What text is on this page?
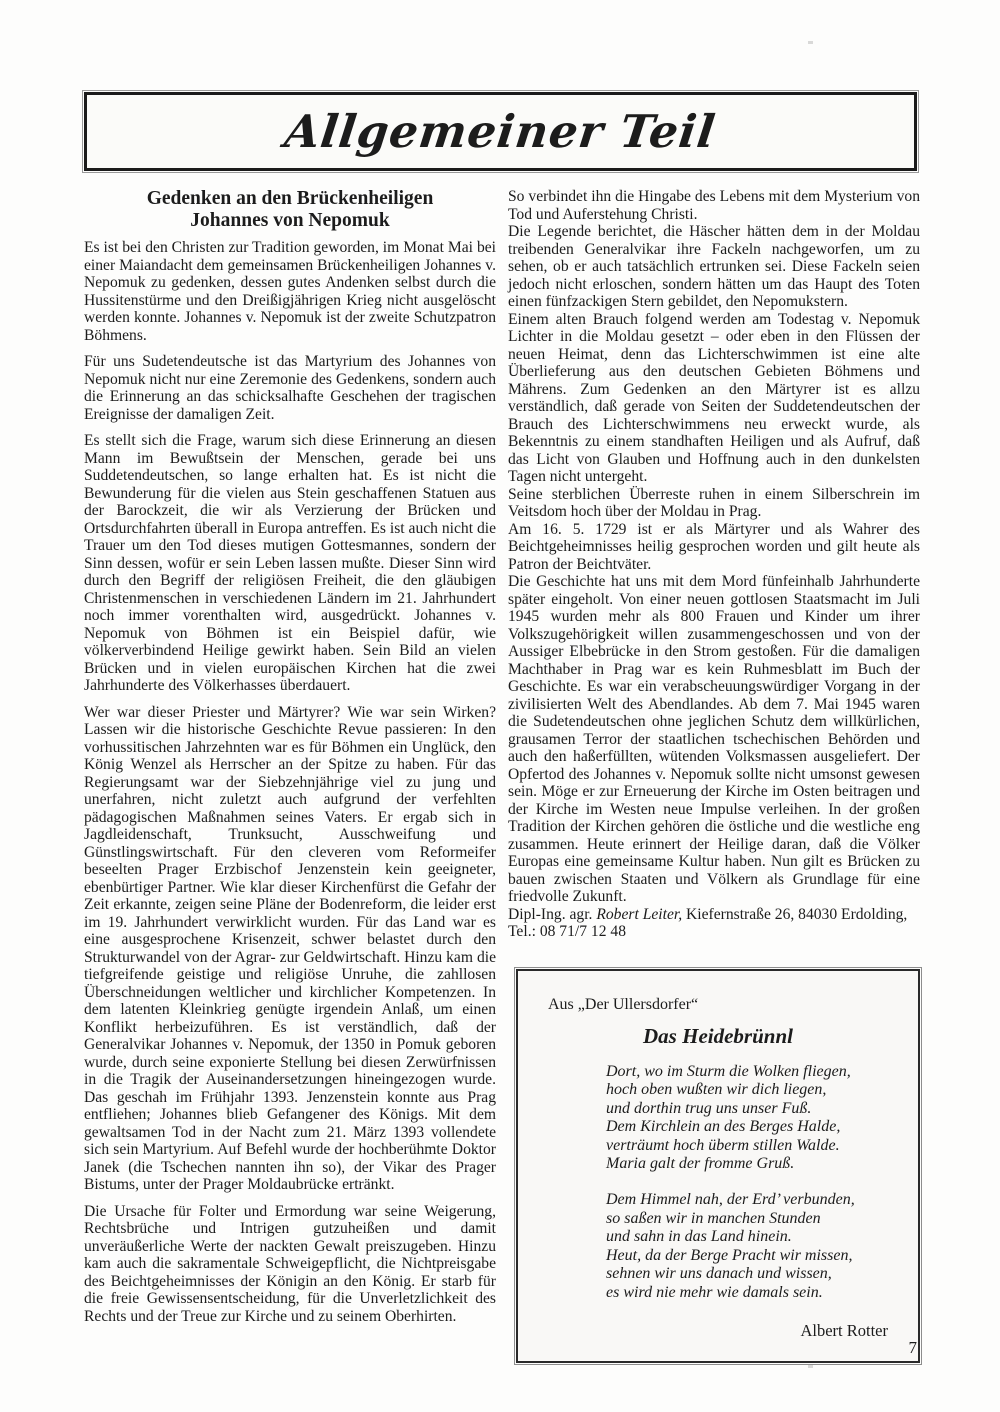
Allgemeiner Teil
Gedenken an den Brückenheiligen
Johannes von Nepomuk

Es ist bei den Christen zur Tradition geworden, im Monat Mai bei einer Maiandacht dem gemeinsamen Brückenheiligen Johannes v. Nepomuk zu gedenken, dessen gutes Andenken selbst durch die Hussitenstürme und den Dreißigjährigen Krieg nicht ausgelöscht werden konnte. Johannes v. Nepomuk ist der zweite Schutzpatron Böhmens.

Für uns Sudetendeutsche ist das Martyrium des Johannes von Nepomuk nicht nur eine Zeremonie des Gedenkens, sondern auch die Erinnerung an das schicksalhafte Geschehen der tragischen Ereignisse der damaligen Zeit.

Es stellt sich die Frage, warum sich diese Erinnerung an diesen Mann im Bewußtsein der Menschen, gerade bei uns Suddetendeutschen, so lange erhalten hat. Es ist nicht die Bewunderung für die vielen aus Stein geschaffenen Statuen aus der Barockzeit, die wir als Verzierung der Brücken und Ortsdurchfahrten überall in Europa antreffen. Es ist auch nicht die Trauer um den Tod dieses mutigen Gottesmannes, sondern der Sinn dessen, wofür er sein Leben lassen mußte. Dieser Sinn wird durch den Begriff der religiösen Freiheit, die den gläubigen Christenmenschen in verschiedenen Ländern im 21. Jahrhundert noch immer vorenthalten wird, ausgedrückt. Johannes v. Nepomuk von Böhmen ist ein Beispiel dafür, wie völkerverbindend Heilige gewirkt haben. Sein Bild an vielen Brücken und in vielen europäischen Kirchen hat die zwei Jahrhunderte des Völkerhasses überdauert.

Wer war dieser Priester und Märtyrer? Wie war sein Wirken? Lassen wir die historische Geschichte Revue passieren: In den vorhussitischen Jahrzehnten war es für Böhmen ein Unglück, den König Wenzel als Herrscher an der Spitze zu haben. Für das Regierungsamt war der Siebzehnjährige viel zu jung und unerfahren, nicht zuletzt auch aufgrund der verfehlten pädagogischen Maßnahmen seines Vaters. Er ergab sich in Jagdleidenschaft, Trunksucht, Ausschweifung und Günstlingswirtschaft. Für den cleveren vom Reformeifer beseelten Prager Erzbischof Jenzenstein kein geeigneter, ebenbürtiger Partner. Wie klar dieser Kirchenfürst die Gefahr der Zeit erkannte, zeigen seine Pläne der Bodenreform, die leider erst im 19. Jahrhundert verwirklicht wurden. Für das Land war es eine ausgesprochene Krisenzeit, schwer belastet durch den Strukturwandel von der Agrar- zur Geldwirtschaft. Hinzu kam die tiefgreifende geistige und religiöse Unruhe, die zahllosen Überschneidungen weltlicher und kirchlicher Kompetenzen. In dem latenten Kleinkrieg genügte irgendein Anlaß, um einen Konflikt herbeizuführen. Es ist verständlich, daß der Generalvikar Johannes v. Nepomuk, der 1350 in Pomuk geboren wurde, durch seine exponierte Stellung bei diesen Zerwürfnissen in die Tragik der Auseinandersetzungen hineingezogen wurde. Das geschah im Frühjahr 1393. Jenzenstein konnte aus Prag entfliehen; Johannes blieb Gefangener des Königs. Mit dem gewaltsamen Tod in der Nacht zum 21. März 1393 vollendete sich sein Martyrium. Auf Befehl wurde der hochberühmte Doktor Janek (die Tschechen nannten ihn so), der Vikar des Prager Bistums, unter der Prager Moldaubrücke ertränkt.

Die Ursache für Folter und Ermordung war seine Weigerung, Rechtsbrüche und Intrigen gutzuheißen und damit unveräußerliche Werte der nackten Gewalt preiszugeben. Hinzu kam auch die sakramentale Schweigepflicht, die Nichtpreisgabe des Beichtgeheimnisses der Königin an den König. Er starb für die freie Gewissensentscheidung, für die Unverletzlichkeit des Rechts und der Treue zur Kirche und zu seinem Oberhirten.

So verbindet ihn die Hingabe des Lebens mit dem Mysterium von Tod und Auferstehung Christi.

Die Legende berichtet, die Häscher hätten dem in der Moldau treibenden Generalvikar ihre Fackeln nachgeworfen, um zu sehen, ob er auch tatsächlich ertrunken sei. Diese Fackeln seien jedoch nicht erloschen, sondern hätten um das Haupt des Toten einen fünfzackigen Stern gebildet, den Nepomukstern.

Einem alten Brauch folgend werden am Todestag v. Nepomuk Lichter in die Moldau gesetzt – oder eben in den Flüssen der neuen Heimat, denn das Lichterschwimmen ist eine alte Überlieferung aus den deutschen Gebieten Böhmens und Mährens. Zum Gedenken an den Märtyrer ist es allzu verständlich, daß gerade von Seiten der Suddetendeutschen der Brauch des Lichterschwimmens neu erweckt wurde, als Bekenntnis zu einem standhaften Heiligen und als Aufruf, daß das Licht von Glauben und Hoffnung auch in den dunkelsten Tagen nicht untergeht.

Seine sterblichen Überreste ruhen in einem Silberschrein im Veitsdom hoch über der Moldau in Prag.

Am 16. 5. 1729 ist er als Märtyrer und als Wahrer des Beichtgeheimnisses heilig gesprochen worden und gilt heute als Patron der Beichtväter.

Die Geschichte hat uns mit dem Mord fünfeinhalb Jahrhunderte später eingeholt. Von einer neuen gottlosen Staatsmacht im Juli 1945 wurden mehr als 800 Frauen und Kinder um ihrer Volkszugehörigkeit willen zusammengeschossen und von der Aussiger Elbebrücke in den Strom gestoßen. Für die damaligen Machthaber in Prag war es kein Ruhmesblatt im Buch der Geschichte. Es war ein verabscheuungswürdiger Vorgang in der zivilisierten Welt des Abendlandes. Ab dem 7. Mai 1945 waren die Sudetendeutschen ohne jeglichen Schutz dem willkürlichen, grausamen Terror der staatlichen tschechischen Behörden und auch den haßerfüllten, wütenden Volksmassen ausgeliefert. Der Opfertod des Johannes v. Nepomuk sollte nicht umsonst gewesen sein. Möge er zur Erneuerung der Kirche im Osten beitragen und der Kirche im Westen neue Impulse verleihen. In der großen Tradition der Kirchen gehören die östliche und die westliche eng zusammen. Heute erinnert der Heilige daran, daß die Völker Europas eine gemeinsame Kultur haben. Nun gilt es Brücken zu bauen zwischen Staaten und Völkern als Grundlage für eine friedvolle Zukunft.

Dipl-Ing. agr. Robert Leiter, Kiefernstraße 26, 84030 Erdolding, Tel.: 08 71/7 12 48

Aus „Der Ullersdorfer“

Das Heidebrünnl
Dort, wo im Sturm die Wolken fliegen,
hoch oben wußten wir dich liegen,
und dorthin trug uns unser Fuß.
Dem Kirchlein an des Berges Halde,
verträumt hoch überm stillen Walde.
Maria galt der fromme Gruß.
Dem Himmel nah, der Erd’ verbunden,
so saßen wir in manchen Stunden
und sahn in das Land hinein.
Heut, da der Berge Pracht wir missen,
sehnen wir uns danach und wissen,
es wird nie mehr wie damals sein.
Albert Rotter
7
